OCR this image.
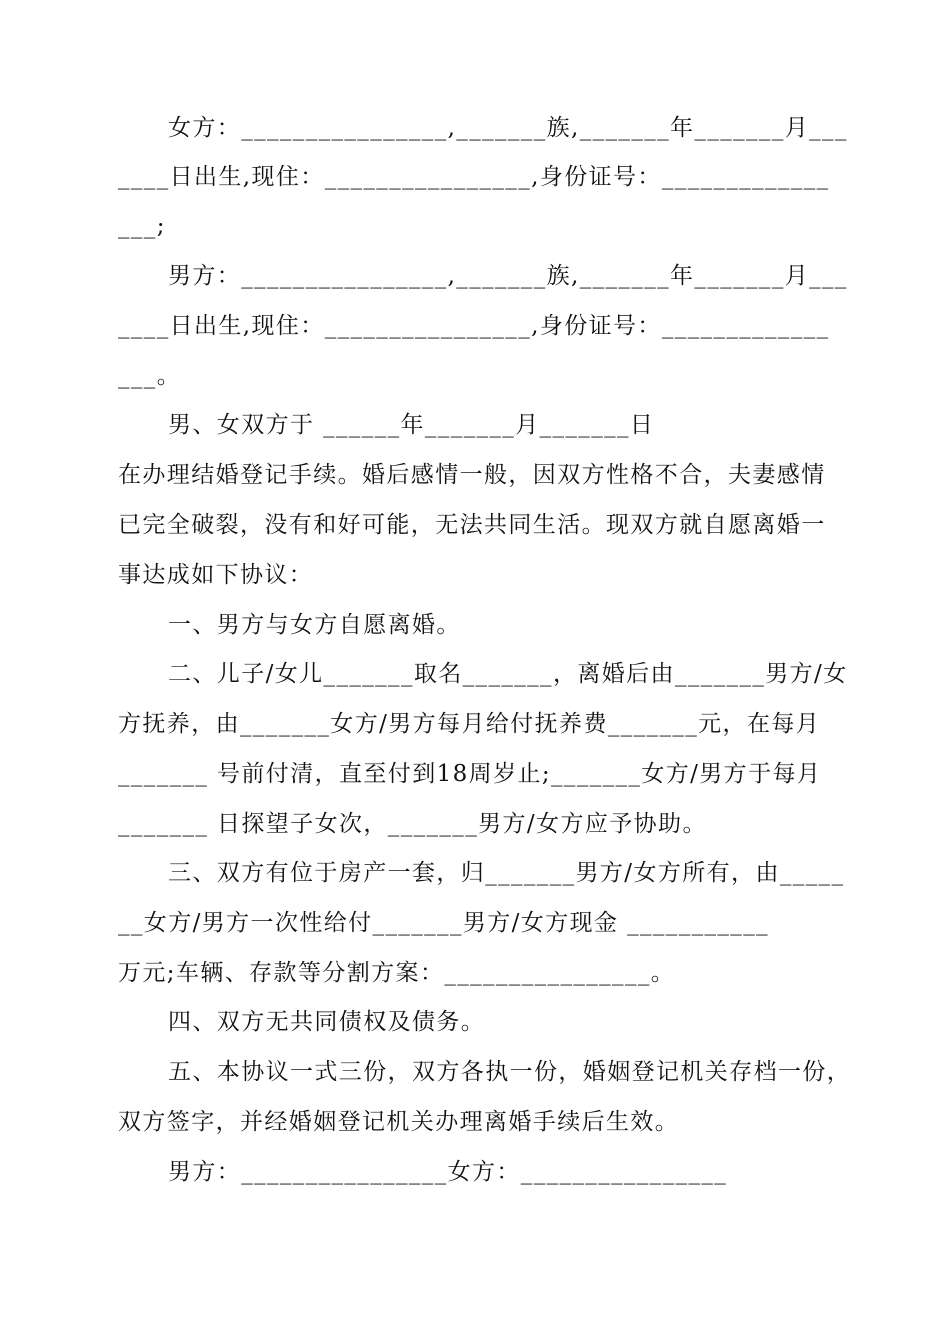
女方：________________,_______族,_______年_______月___
____日出生,现住：________________,身份证号：_____________
___;
男方：________________,_______族,_______年_______月___
____日出生,现住：________________,身份证号：_____________
___。
男、女双方于 ______年_______月_______日
在办理结婚登记手续。婚后感情一般，因双方性格不合，夫妻感情
已完全破裂，没有和好可能，无法共同生活。现双方就自愿离婚一
事达成如下协议：
一、男方与女方自愿离婚。
二、儿子/女儿_______取名_______，离婚后由_______男方/女
方抚养，由_______女方/男方每月给付抚养费_______元，在每月
_______ 号前付清，直至付到18周岁止;_______女方/男方于每月
_______ 日探望子女次，_______男方/女方应予协助。
三、双方有位于房产一套，归_______男方/女方所有，由_____
__女方/男方一次性给付_______男方/女方现金 ___________
万元;车辆、存款等分割方案：________________。
四、双方无共同债权及债务。
五、本协议一式三份，双方各执一份，婚姻登记机关存档一份，
双方签字，并经婚姻登记机关办理离婚手续后生效。
男方：________________女方：________________
